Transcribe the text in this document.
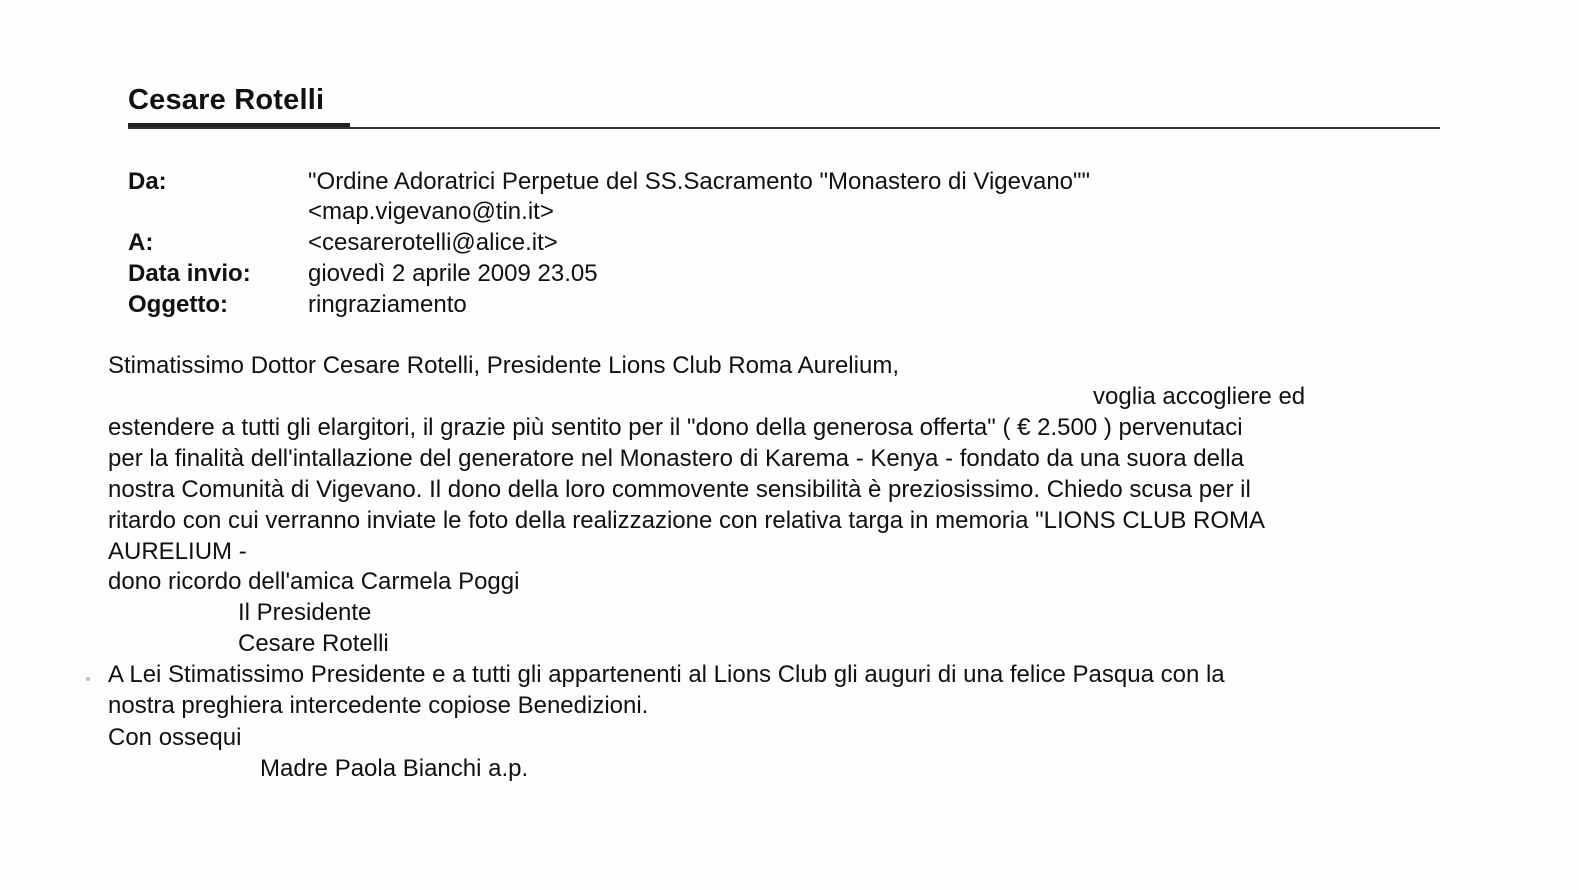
Cesare Rotelli
Da:	"Ordine Adoratrici Perpetue del SS.Sacramento "Monastero di Vigevano""
<map.vigevano@tin.it>
A:	<cesarerotelli@alice.it>
Data invio: giovedì 2 aprile 2009 23.05
Oggetto:	ringraziamento
Stimatissimo Dottor Cesare Rotelli, Presidente Lions Club Roma Aurelium,
voglia accogliere ed
estendere a tutti gli elargitori, il grazie più sentito per il "dono della generosa offerta" ( € 2.500 ) pervenutaci
per la finalità dell'intallazione del generatore nel Monastero di Karema - Kenya - fondato da una suora della
nostra Comunità di Vigevano. Il dono della loro commovente sensibilità è preziosissimo. Chiedo scusa per il
ritardo con cui verranno inviate le foto della realizzazione con relativa targa in memoria "LIONS CLUB ROMA
AURELIUM -
dono ricordo dell'amica Carmela Poggi
Il Presidente
Cesare Rotelli
A Lei Stimatissimo Presidente e a tutti gli appartenenti al Lions Club gli auguri di una felice Pasqua con la
nostra preghiera intercedente copiose Benedizioni.
Con ossequi
Madre Paola Bianchi a.p.
